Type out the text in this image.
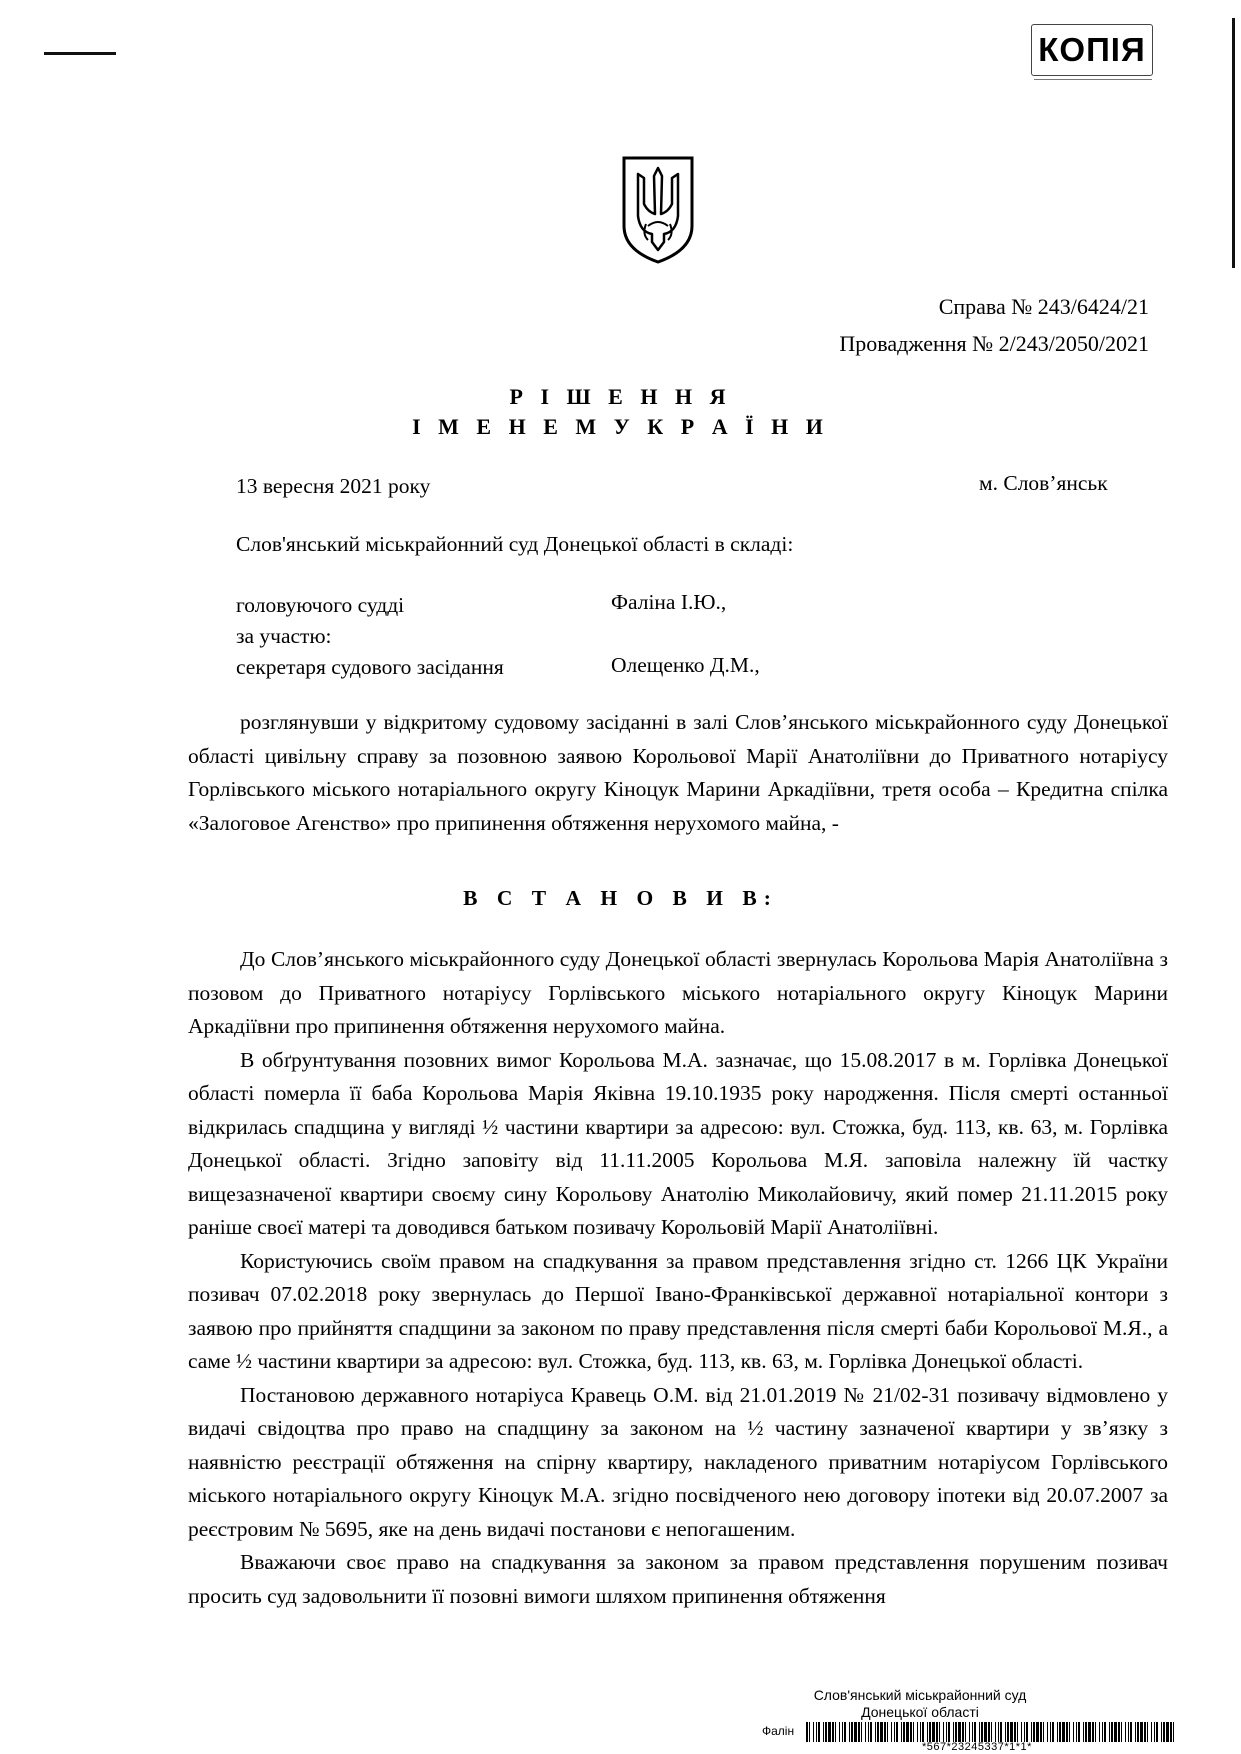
КОПІЯ
Справа № 243/6424/21
Провадження № 2/243/2050/2021
Р І Ш Е Н Н Я
І М Е Н Е М У К Р А Ї Н И
13 вересня 2021 року	м. Слов’янськ
Слов'янський міськрайонний суд Донецької області в складі:
головуючого судді	Фаліна І.Ю.,
за участю:
секретаря судового засідання	Олещенко Д.М.,

розглянувши у відкритому судовому засіданні в залі Слов’янського міськрайонного суду Донецької області цивільну справу за позовною заявою Корольової Марії Анатоліївни до Приватного нотаріусу Горлівського міського нотаріального округу Кіноцук Марини Аркадіївни, третя особа – Кредитна спілка «Залоговое Агенство» про припинення обтяження нерухомого майна, -

В С Т А Н О В И В:

До Слов’янського міськрайонного суду Донецької області звернулась Корольова Марія Анатоліївна з позовом до Приватного нотаріусу Горлівського міського нотаріального округу Кіноцук Марини Аркадіївни про припинення обтяження нерухомого майна.

В обґрунтування позовних вимог Корольова М.А. зазначає, що 15.08.2017 в м. Горлівка Донецької області померла її баба Корольова Марія Яківна 19.10.1935 року народження. Після смерті останньої відкрилась спадщина у вигляді ½ частини квартири за адресою: вул. Стожка, буд. 113, кв. 63, м. Горлівка Донецької області. Згідно заповіту від 11.11.2005 Корольова М.Я. заповіла належну їй частку вищезазначеної квартири своєму сину Корольову Анатолію Миколайовичу, який помер 21.11.2015 року раніше своєї матері та доводився батьком позивачу Корольовій Марії Анатоліївні.

Користуючись своїм правом на спадкування за правом представлення згідно ст. 1266 ЦК України позивач 07.02.2018 року звернулась до Першої Івано-Франківської державної нотаріальної контори з заявою про прийняття спадщини за законом по праву представлення після смерті баби Корольової М.Я., а саме ½ частини квартири за адресою: вул. Стожка, буд. 113, кв. 63, м. Горлівка Донецької області.

Постановою державного нотаріуса Кравець О.М. від 21.01.2019 № 21/02-31 позивачу відмовлено у видачі свідоцтва про право на спадщину за законом на ½ частину зазначеної квартири у зв’язку з наявністю реєстрації обтяження на спірну квартиру, накладеного приватним нотаріусом Горлівського міського нотаріального округу Кіноцук М.А. згідно посвідченого нею договору іпотеки від 20.07.2007 за реєстровим № 5695, яке на день видачі постанови є непогашеним.

Вважаючи своє право на спадкування за законом за правом представлення порушеним позивач просить суд задовольнити її позовні вимоги шляхом припинення обтяження

Слов'янський міськрайонний суд
Донецької області
Фалін
*567*23245337*1*1*
